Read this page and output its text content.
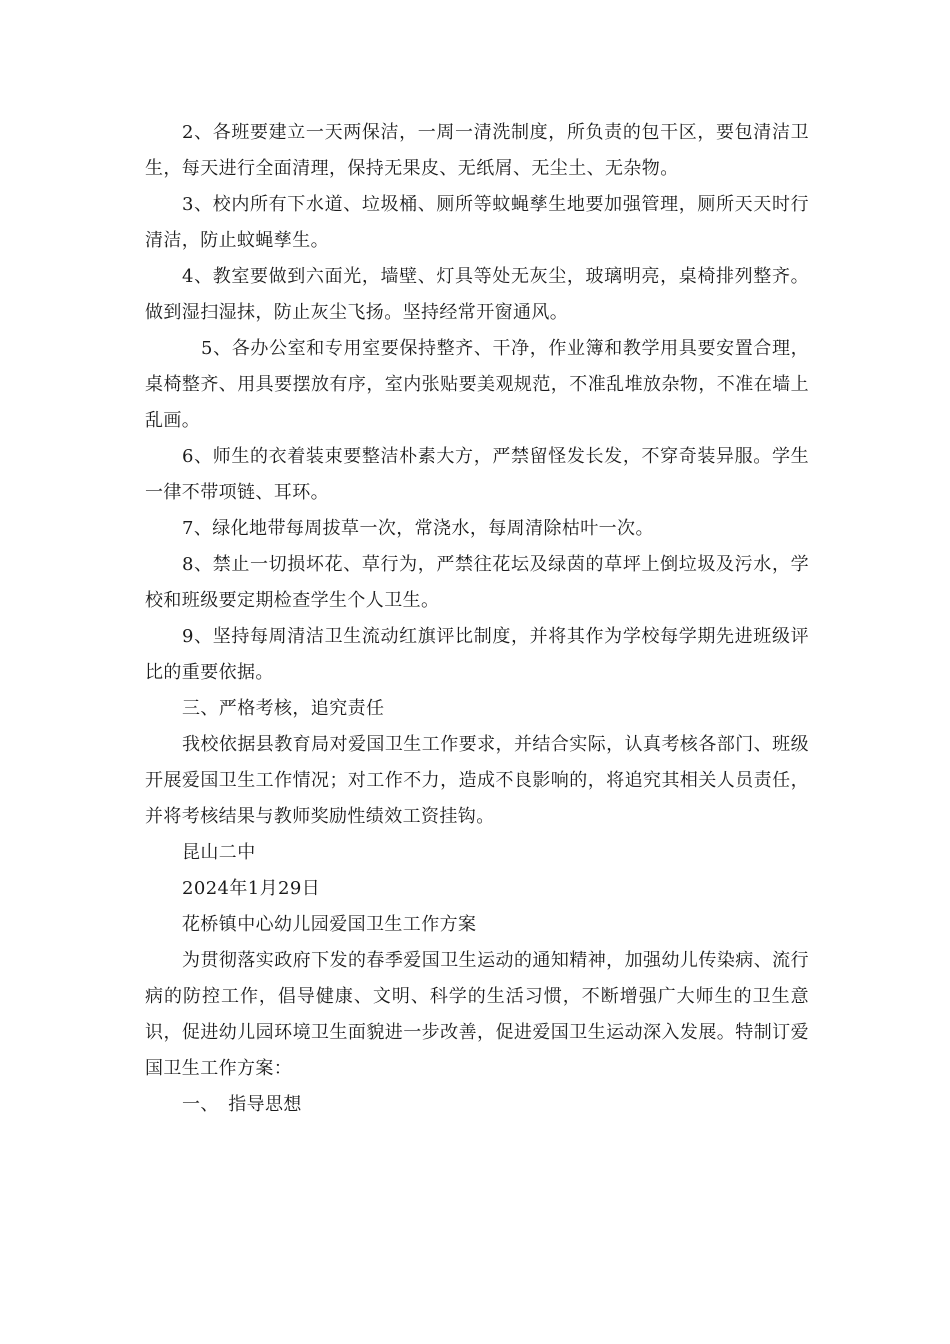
2、各班要建立一天两保洁，一周一清洗制度，所负责的包干区，要包清洁卫生，每天进行全面清理，保持无果皮、无纸屑、无尘土、无杂物。

3、校内所有下水道、垃圾桶、厕所等蚊蝇孳生地要加强管理，厕所天天时行清洁，防止蚊蝇孳生。

4、教室要做到六面光，墙壁、灯具等处无灰尘，玻璃明亮，桌椅排列整齐。做到湿扫湿抹，防止灰尘飞扬。坚持经常开窗通风。

5、各办公室和专用室要保持整齐、干净，作业簿和教学用具要安置合理，桌椅整齐、用具要摆放有序，室内张贴要美观规范，不准乱堆放杂物，不准在墙上乱画。

6、师生的衣着装束要整洁朴素大方，严禁留怪发长发，不穿奇装异服。学生一律不带项链、耳环。

7、绿化地带每周拔草一次，常浇水，每周清除枯叶一次。

8、禁止一切损坏花、草行为，严禁往花坛及绿茵的草坪上倒垃圾及污水，学校和班级要定期检查学生个人卫生。

9、坚持每周清洁卫生流动红旗评比制度，并将其作为学校每学期先进班级评比的重要依据。

三、严格考核，追究责任

我校依据县教育局对爱国卫生工作要求，并结合实际，认真考核各部门、班级开展爱国卫生工作情况；对工作不力，造成不良影响的，将追究其相关人员责任，并将考核结果与教师奖励性绩效工资挂钩。

昆山二中

2024年1月29日

花桥镇中心幼儿园爱国卫生工作方案

为贯彻落实政府下发的春季爱国卫生运动的通知精神，加强幼儿传染病、流行病的防控工作，倡导健康、文明、科学的生活习惯，不断增强广大师生的卫生意识，促进幼儿园环境卫生面貌进一步改善，促进爱国卫生运动深入发展。特制订爱国卫生工作方案：

一、　指导思想
